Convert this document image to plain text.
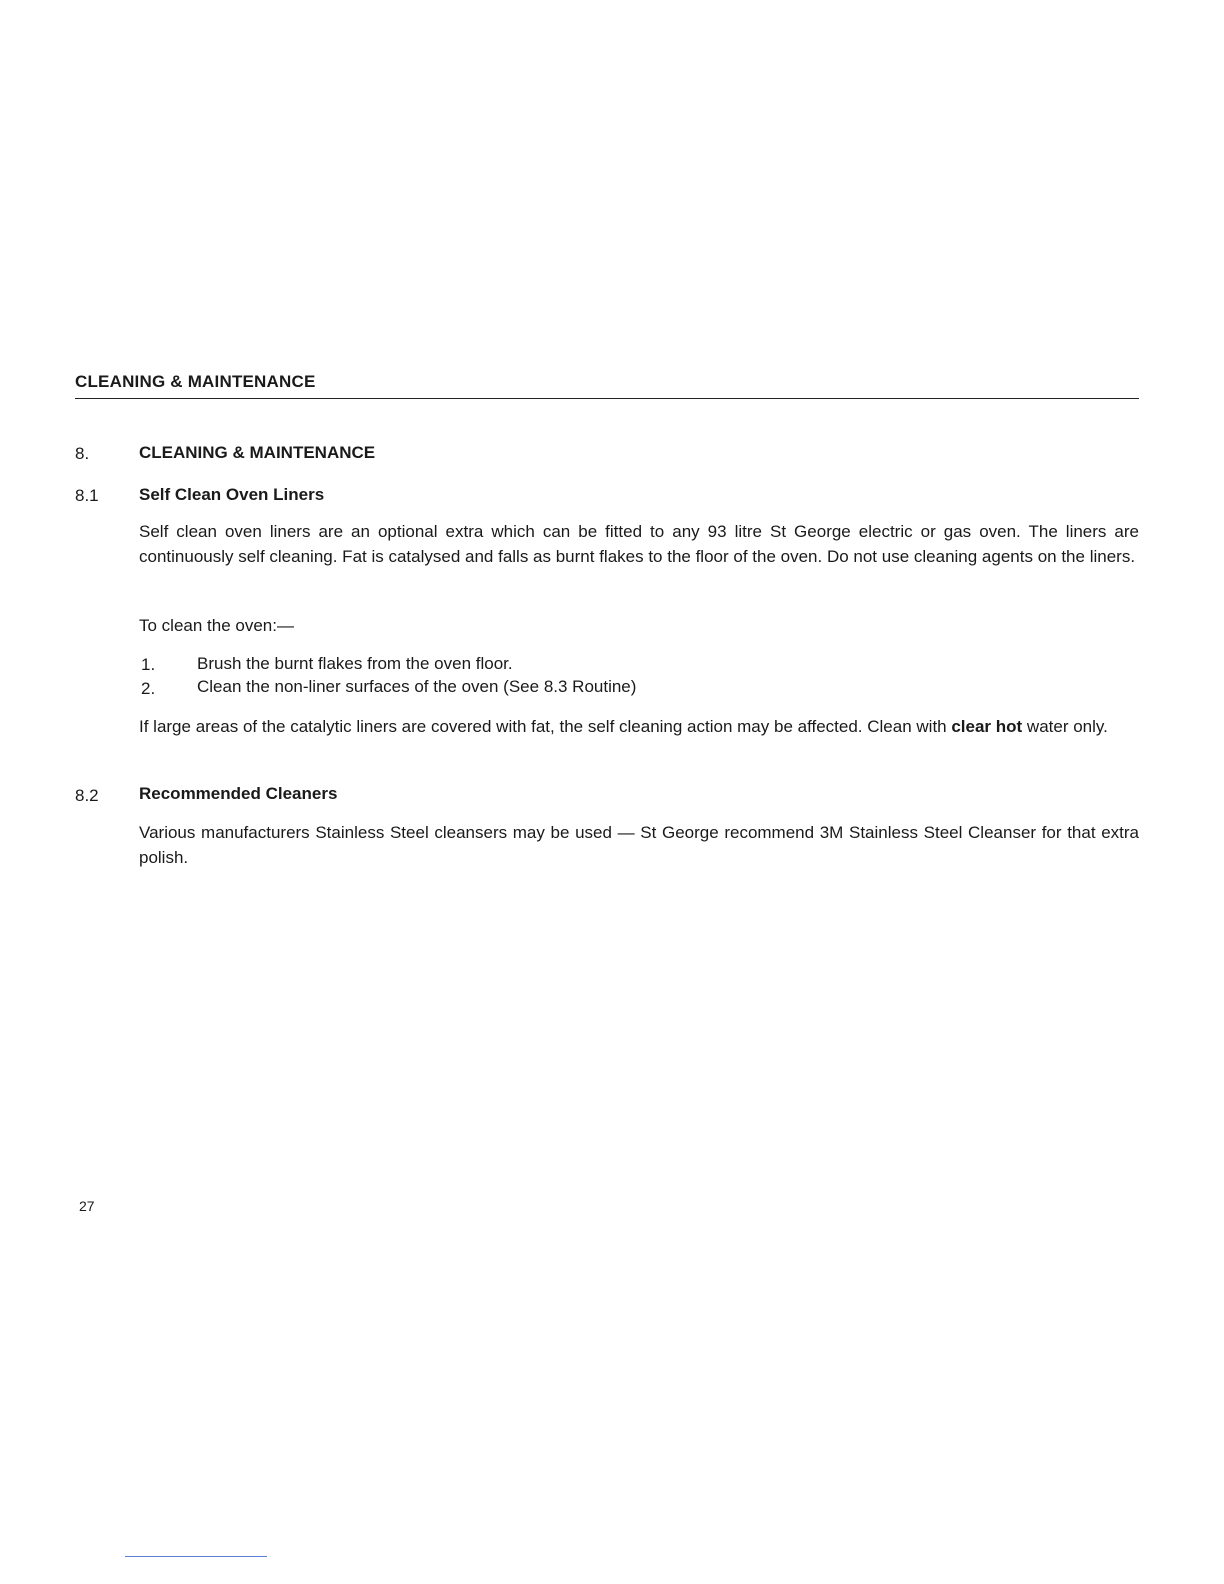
CLEANING & MAINTENANCE
8.	CLEANING & MAINTENANCE
8.1 Self Clean Oven Liners
Self clean oven liners are an optional extra which can be fitted to any 93 litre St George electric or gas oven. The liners are continuously self cleaning. Fat is catalysed and falls as burnt flakes to the floor of the oven. Do not use cleaning agents on the liners.
To clean the oven:—
1. Brush the burnt flakes from the oven floor.
2. Clean the non-liner surfaces of the oven (See 8.3 Routine)
If large areas of the catalytic liners are covered with fat, the self cleaning action may be affected. Clean with clear hot water only.
8.2 Recommended Cleaners
Various manufacturers Stainless Steel cleansers may be used — St George recommend 3M Stainless Steel Cleanser for that extra polish.
27
